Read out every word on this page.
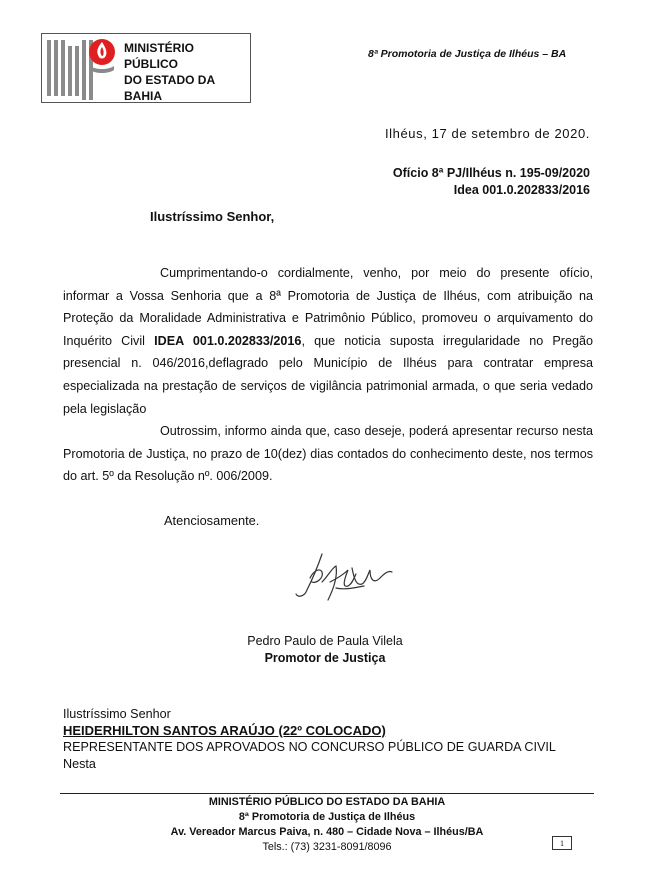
MINISTÉRIO PÚBLICO
DO ESTADO DA BAHIA
8ª Promotoria de Justiça de Ilhéus – BA
Ilhéus, 17 de setembro de 2020.
Ofício 8ª PJ/Ilhéus n. 195-09/2020
Idea 001.0.202833/2016
Ilustríssimo Senhor,

Cumprimentando-o cordialmente, venho, por meio do presente ofício, informar a Vossa Senhoria que a 8ª Promotoria de Justiça de Ilhéus, com atribuição na Proteção da Moralidade Administrativa e Patrimônio Público, promoveu o arquivamento do Inquérito Civil IDEA 001.0.202833/2016, que noticia suposta irregularidade no Pregão presencial n. 046/2016,deflagrado pelo Município de Ilhéus para contratar empresa especializada na prestação de serviços de vigilância patrimonial armada, o que seria vedado pela legislação

Outrossim, informo ainda que, caso deseje, poderá apresentar recurso nesta Promotoria de Justiça, no prazo de 10(dez) dias contados do conhecimento deste, nos termos do art. 5º da Resolução nº. 006/2009.

Atenciosamente.
Pedro Paulo de Paula Vilela
Promotor de Justiça
Ilustríssimo Senhor
HEIDERHILTON SANTOS ARAÚJO (22º COLOCADO)
REPRESENTANTE DOS APROVADOS NO CONCURSO PÚBLICO DE GUARDA CIVIL
Nesta
MINISTÉRIO PÚBLICO DO ESTADO DA BAHIA
8ª Promotoria de Justiça de Ilhéus
Av. Vereador Marcus Paiva, n. 480 – Cidade Nova – Ilhéus/BA
Tels.: (73) 3231-8091/8096	1
